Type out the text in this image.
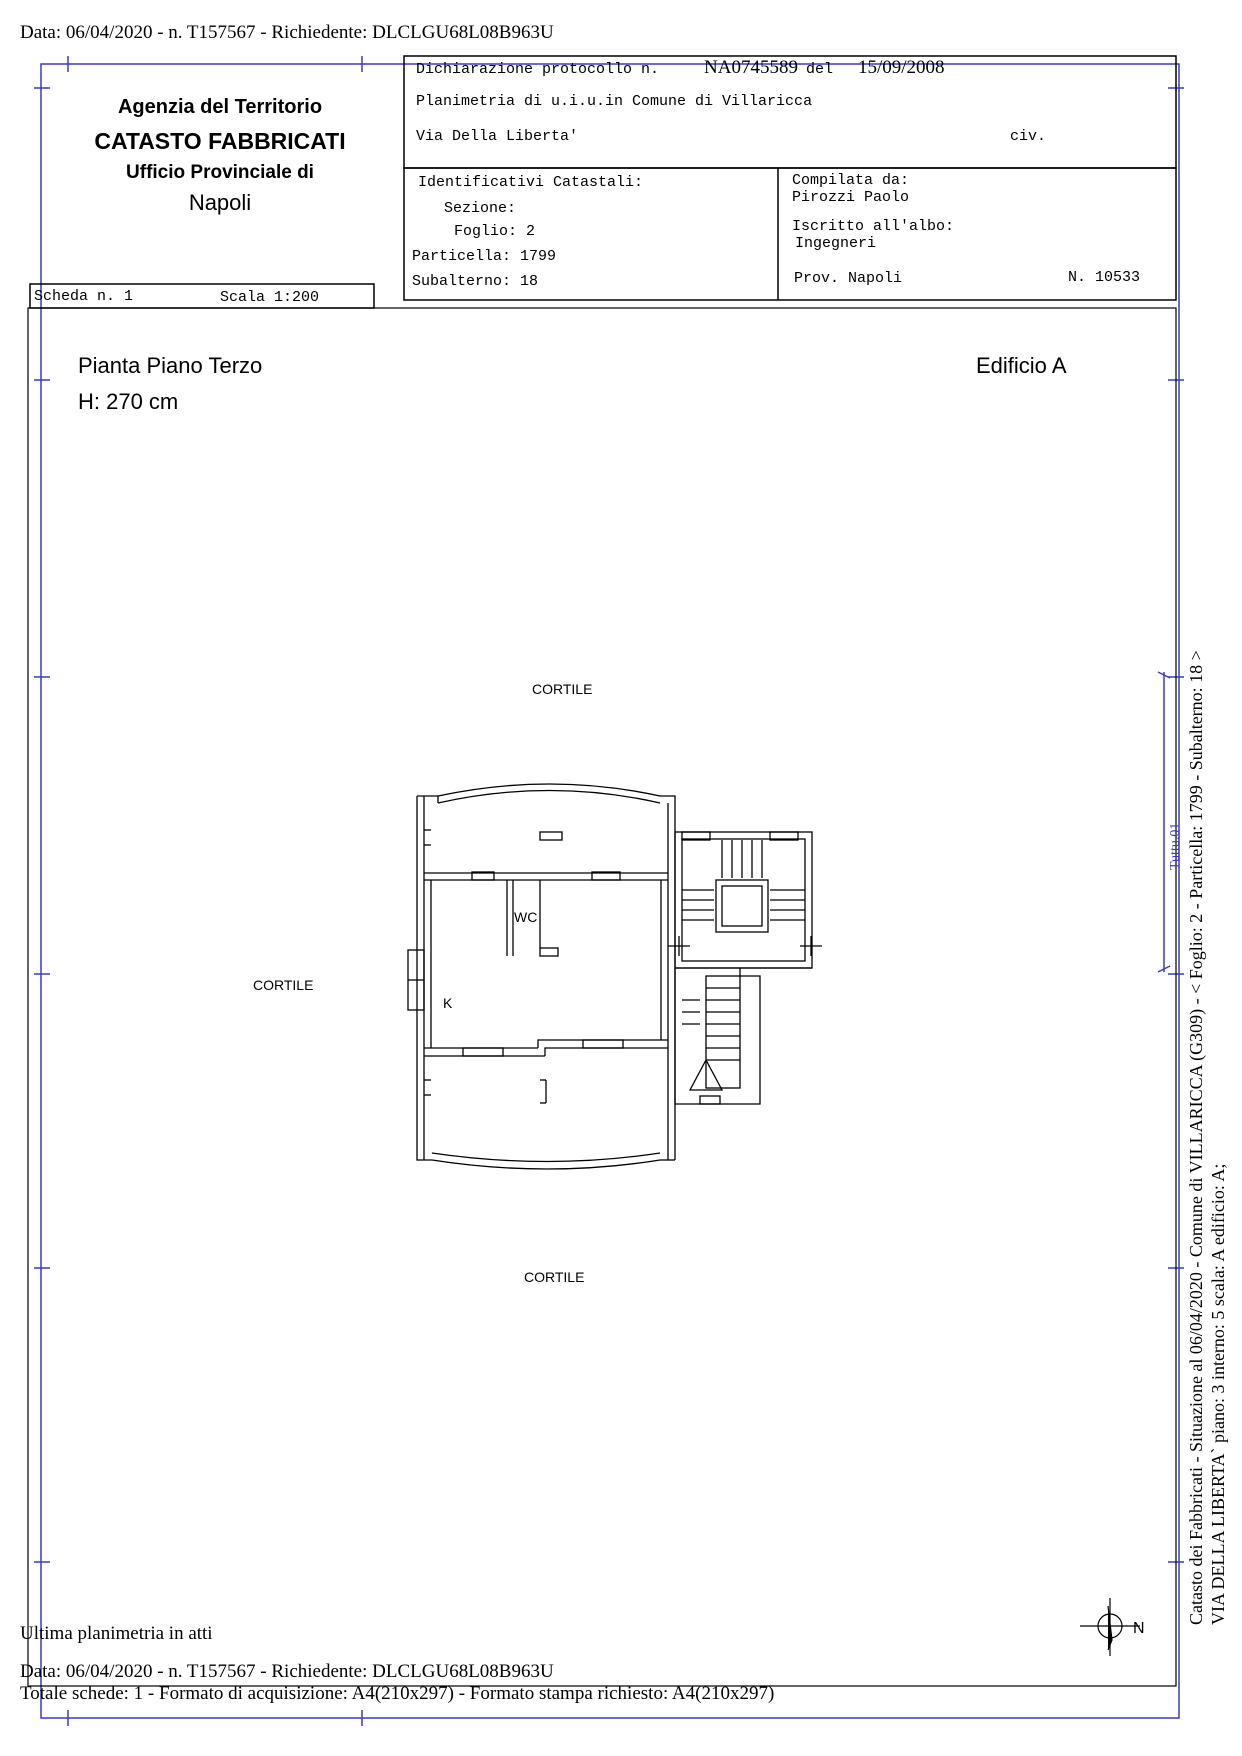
Data: 06/04/2020 - n. T157567 - Richiedente: DLCLGU68L08B963U
Agenzia del Territorio
CATASTO FABBRICATI
Ufficio Provinciale di
Napoli
Dichiarazione protocollo n. NA0745589 del 15/09/2008
Planimetria di u.i.u.in Comune di Villaricca
Via Della Liberta'	civ.
Identificativi Catastali:
Sezione:
Foglio: 2
Particella: 1799
Subalterno: 18
Compilata da:
Pirozzi Paolo
Iscritto all'albo:
Ingegneri
Prov. Napoli	N. 10533
Scheda n. 1	Scala 1:200
Pianta Piano Terzo
H: 270 cm
Edificio A
CORTILE
CORTILE
CORTILE
WC
K
N
Catasto dei Fabbricati - Situazione al 06/04/2020 - Comune di VILLARICCA (G309) - < Foglio: 2 - Particella: 1799 - Subalterno: 18 > VIA DELLA LIBERTA` piano: 3 interno: 5 scala: A edificio: A;
Tuttu.01
Ultima planimetria in atti
Data: 06/04/2020 - n. T157567 - Richiedente: DLCLGU68L08B963U
Totale schede: 1 - Formato di acquisizione: A4(210x297) - Formato stampa richiesto: A4(210x297)
